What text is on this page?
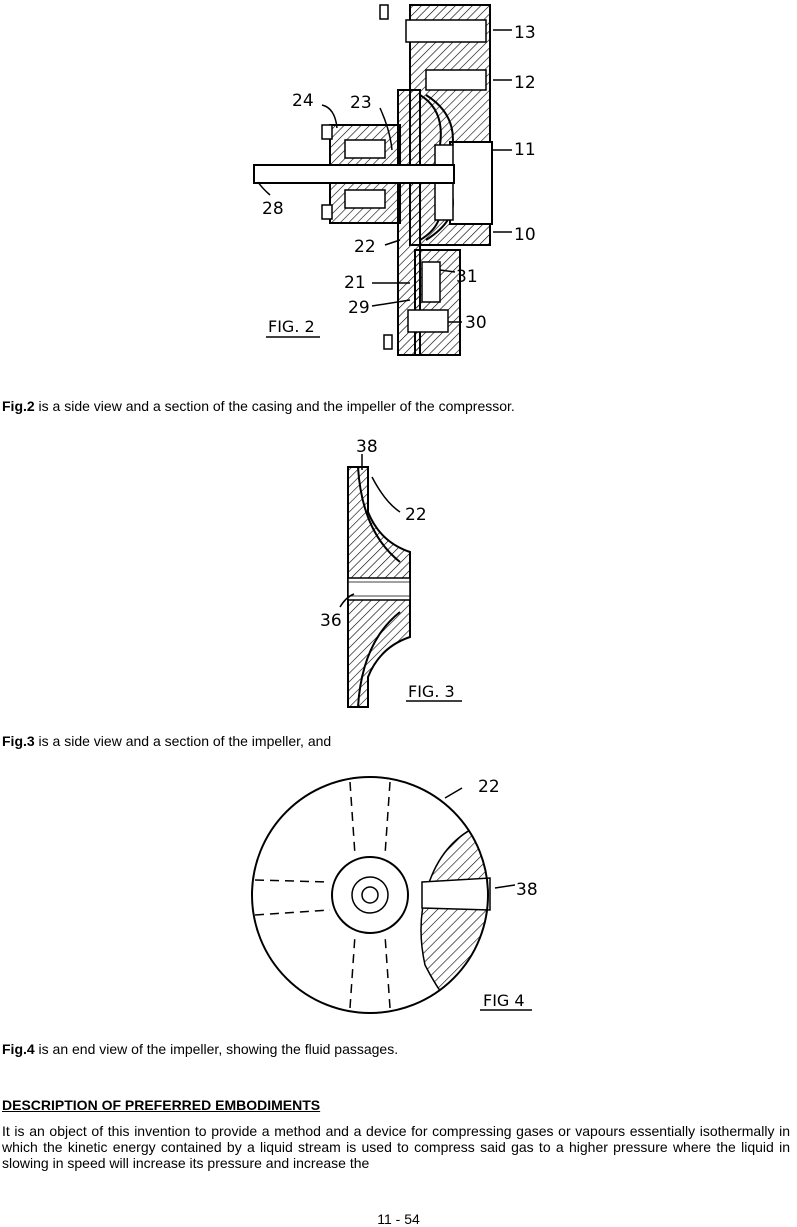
13
12
11
10
24 23
28
22
21	31
29
30
FIG. 2
Fig.2 is a side view and a section of the casing and the impeller of the compressor.
38
22
36
FIG. 3
Fig.3 is a side view and a section of the impeller, and
22
38
FIG 4
Fig.4 is an end view of the impeller, showing the fluid passages.
DESCRIPTION OF PREFERRED EMBODIMENTS
It is an object of this invention to provide a method and a device for compressing gases or vapours essentially isothermally in which the kinetic energy contained by a liquid stream is used to compress said gas to a higher pressure where the liquid in slowing in speed will increase its pressure and increase the
11 - 54
